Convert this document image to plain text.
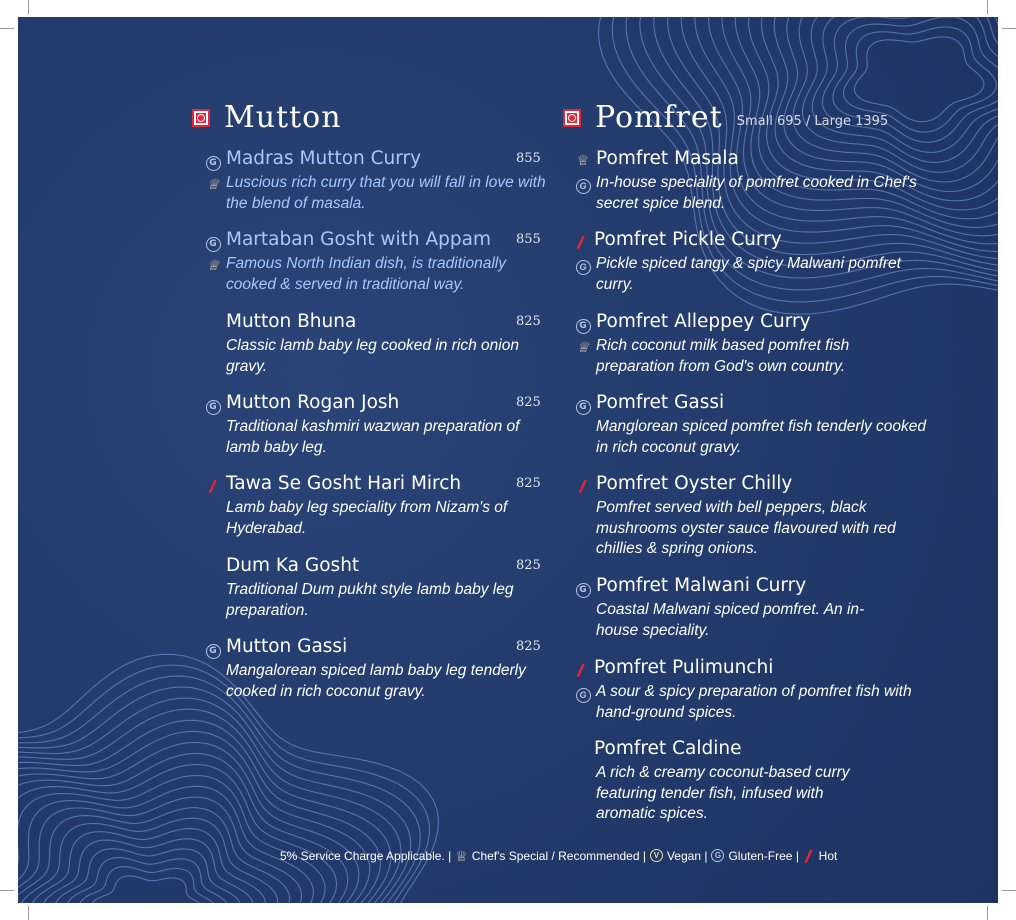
Mutton
G Madras Mutton Curry	855
♕ Luscious rich curry that you will fall in love with the blend of masala.
G Martaban Gosht with Appam 855
♕ Famous North Indian dish, is traditionally cooked & served in traditional way.
Mutton Bhuna	825
Classic lamb baby leg cooked in rich onion gravy.
G Mutton Rogan Josh	825
Traditional kashmiri wazwan preparation of lamb baby leg.
❙ Tawa Se Gosht Hari Mirch	825
Lamb baby leg speciality from Nizam's of Hyderabad.
Dum Ka Gosht	825
Traditional Dum pukht style lamb baby leg preparation.
G Mutton Gassi	825
Mangalorean spiced lamb baby leg tenderly cooked in rich coconut gravy.
Pomfret Small 695 / Large 1395
♕ Pomfret Masala
G In-house speciality of pomfret cooked in Chef's secret spice blend.
❙ Pomfret Pickle Curry
G Pickle spiced tangy & spicy Malwani pomfret curry.
G Pomfret Alleppey Curry
♕ Rich coconut milk based pomfret fish preparation from God's own country.
G Pomfret Gassi
Manglorean spiced pomfret fish tenderly cooked in rich coconut gravy.
❙ Pomfret Oyster Chilly
Pomfret served with bell peppers, black mushrooms oyster sauce flavoured with red chillies & spring onions.
G Pomfret Malwani Curry
Coastal Malwani spiced pomfret. An in-house speciality.
❙ Pomfret Pulimunchi
G A sour & spicy preparation of pomfret fish with hand-ground spices.
Pomfret Caldine
A rich & creamy coconut-based curry featuring tender fish, infused with aromatic spices.
5% Service Charge Applicable. | ♕ Chef's Special / Recommended | V Vegan | G Gluten-Free | ❙ Hot
